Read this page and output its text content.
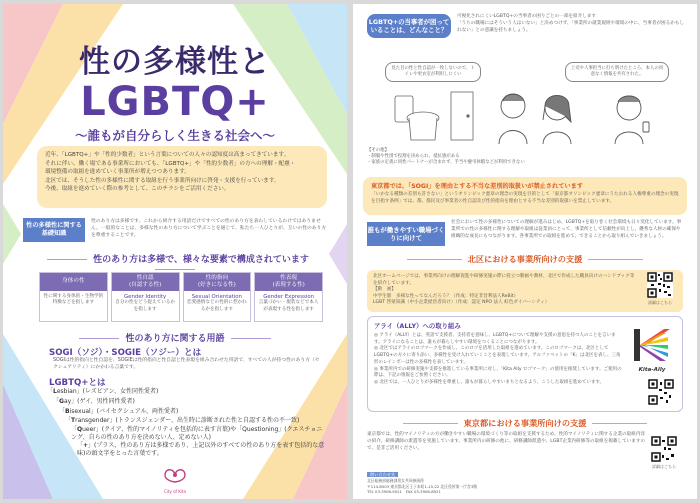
性の多様性と
LGBTQ+
〜誰もが自分らしく生きる社会へ〜

近年、「LGBTQ+」や「性的少数者」という言葉についての人々の認知度は高まってきています。

それに伴い、働く場である事業所においても、「LGBTQ+」や「性的少数者」の方への理解・配慮・

環境整備の取組を進めていく事業所が増えつつあります。

北区では、そうした性の多様性に関する取組を行う事業所向けに啓発・支援を行っています。

今後、取組を進めていく際の参考として、このチラシをご活用ください。

性の多様性に関する基礎知識
性のあり方は多様です。これから紹介する用語だけですべての性のあり方を表わしているわけではありません。一般的なことは、多様な性のあり方について学ぶことを通じて、私たち一人ひとりが、互いの性のあり方を尊重することです。
性のあり方は多様で、様々な要素で構成されています
身体の性
性に関する身体的・生物学的特徴などを指します
性自認
(自認する性)
Gender Identity
自分の性をどう捉えているかを指します
性的指向
(好きになる性)
Sexual Orientation
恋愛感情などの性的に惹かれるかを指します
性表現
(表現する性)
Gender Expression
言葉づかい・服装などで本人が表現する性を指します
性のあり方に関する用語
SOGI（ソジ）・SOGIE（ソジー）とは
SOGIは性的指向と性自認を、SOGIEは性的指向と性自認と性表現を組み合わせた用語で、すべての人が持つ性のあり方（セクシュアリティ）にかかわる言葉です。
LGBTQ+とは
「Lesbian」(レズビアン、女性同性愛者)
「Gay」(ゲイ、男性同性愛者)
「Bisexual」(バイセクシュアル、両性愛者)
「Transgender」(トランスジェンダー、出生時に診断された性と自認する性の不一致)
「Queer」(クイア、性的マイノリティを包括的に表す言葉)や「Questioning」(クエスチョニング、自らの性のあり方を決めない人、定めない人)
「+」(プラス、性のあり方は多様であり、上記以外のすべての性のあり方を表す包括的な意味)の頭文字をとった言葉です。
City of Kita
LGBTQ+の当事者が困っていることは、どんなこと？
可視化されにくいLGBTQ+の当事者の困りごとの一部を紹介します
「うちの職場にはそういう人はいない」と決めつけず、「事業所の就業規則や環境の中に、当事者が困るかもしれない」との意識を持ちましょう。
見た目の性と性自認が一致しないので、トイレや更衣室が利用しにくい
上司や人事担当に打ち明けたところ、本人の同意なく情報を共有された。
【その他】
・制服や性別で役割を決められ、抵抗感がある
・家族の定義に同性パートナーが含まれず、手当や慶弔休暇などが利用できない
東京都では、「SOGI」を理由とする不当な差別的取扱いが禁止されています
「いかなる種類の差別も許さない」というオリンピック憲章の理念の実現を目的として「東京都オリンピック憲章にうたわれる人権尊重の理念の実現を目指す条例」では、都、都民及び事業者の性自認及び性的指向を理由とする不当な差別的取扱いを禁止しています。
誰もが働きやすい職場づくりに向けて
社会において性の多様性についての理解が進みはじめ、LGBTQ+を取り巻く社会環境も日々変化しています。事業所での性の多様性に関する理解や取組は従業員にとって、事業所として信頼性が向上し、優秀な人材の確保や組織的な成長にもつながります。各事業所での取組を進めて、できることから取り組んでいきましょう。
北区における事業所向けの支援
北区ホームページでは、事業所向けの理解促進や研修実施の際に役立つ動画や教材、北区で作成した職員向けのハンドブック等を紹介しています。
【動　画】
中学生版　多様な性ってなんだろう？（作成：特定非営利法人ReBit）
LGBT 啓蒙知識（中小企業経営者向け）（作成：認定 NPO 法人 虹色ダイバーシティ）	詳細はこちら
アライ（ALLY）への取り組み
◎ アライ（ALLY）とは、英語で支援者、支持者を意味し、LGBTQ+について理解や支援の意思を持つ人のことを言います。アライになることは、誰もが暮らしやすい環境をつくることにつながります。
◎ 北区ではアライのロゴマークを作成し、このロゴを活用した取組を進めています。このロゴマークは、北区としてLGBTQ+の方々に寄り添い、多様性を受け入れていくことを表現しています。アルファベットの「K」は北区を表し、三角形のレインボーは性の多様性を表しています。
◎ 事業所内での研修実施や支援を推進している事業所に対し、「Kita Ally ロゴマーク」の使用を推奨しています。ご使用の際は、下記の情報をご参照ください。
◎ 北区では、一人ひとりが多様性を尊重し、誰もが暮らしやすいまちとなるよう、こうした取組を進めています。
Kita-Ally
東京都における事業所向けの支援
東京都では、性的マイノリティの方が働きやすい職場の環境づくり等の取組を支援するため、性的マイノリティに関する企業の取組内容の紹介、研修講師の派遣等を実施しています。事業所内の研修の他に、研修講師派遣や、LGBT企業内研修等の取組を掲載していますので、是非ご活用ください。
詳細はこちら
問い合わせ先
北区総務部総務課男女共同参画係
〒114-8503 東京都北区王子本町1-15-22 北区役所第一庁舎3階
TEL 03-3908-9021　FAX 03-3908-8921
